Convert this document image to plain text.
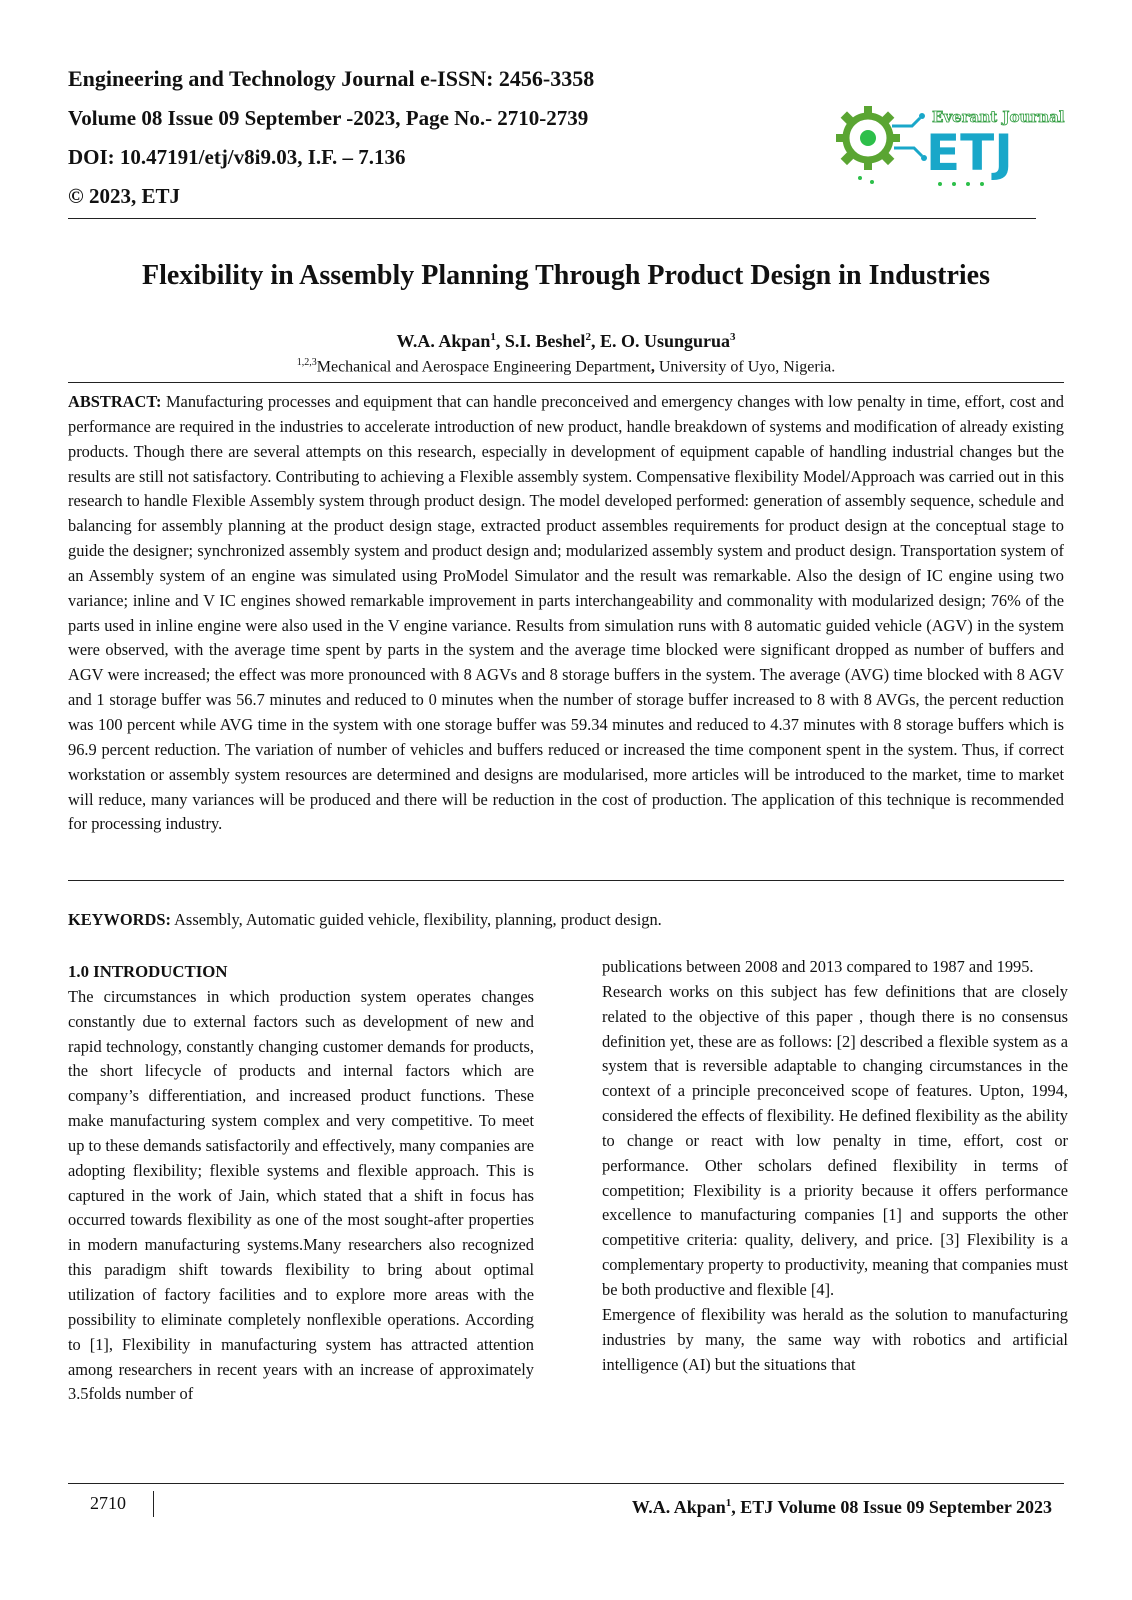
Engineering and Technology Journal e-ISSN: 2456-3358
Volume 08 Issue 09 September -2023, Page No.- 2710-2739
DOI: 10.47191/etj/v8i9.03, I.F. – 7.136
© 2023, ETJ
Everant Journal
ETJ
Flexibility in Assembly Planning Through Product Design in Industries
W.A. Akpan$^1$, S.I. Beshel$^2$, E. O. Usungurua$^3$
$^{1,2,3}$Mechanical and Aerospace Engineering Department, University of Uyo, Nigeria.

ABSTRACT: Manufacturing processes and equipment that can handle preconceived and emergency changes with low penalty in time, effort, cost and performance are required in the industries to accelerate introduction of new product, handle breakdown of systems and modification of already existing products. Though there are several attempts on this research, especially in development of equipment capable of handling industrial changes but the results are still not satisfactory. Contributing to achieving a Flexible assembly system. Compensative flexibility Model/Approach was carried out in this research to handle Flexible Assembly system through product design. The model developed performed: generation of assembly sequence, schedule and balancing for assembly planning at the product design stage, extracted product assembles requirements for product design at the conceptual stage to guide the designer; synchronized assembly system and product design and; modularized assembly system and product design. Transportation system of an Assembly system of an engine was simulated using ProModel Simulator and the result was remarkable. Also the design of IC engine using two variance; inline and V IC engines showed remarkable improvement in parts interchangeability and commonality with modularized design; 76% of the parts used in inline engine were also used in the V engine variance. Results from simulation runs with 8 automatic guided vehicle (AGV) in the system were observed, with the average time spent by parts in the system and the average time blocked were significant dropped as number of buffers and AGV were increased; the effect was more pronounced with 8 AGVs and 8 storage buffers in the system. The average (AVG) time blocked with 8 AGV and 1 storage buffer was 56.7 minutes and reduced to 0 minutes when the number of storage buffer increased to 8 with 8 AVGs, the percent reduction was 100 percent while AVG time in the system with one storage buffer was 59.34 minutes and reduced to 4.37 minutes with 8 storage buffers which is 96.9 percent reduction. The variation of number of vehicles and buffers reduced or increased the time component spent in the system. Thus, if correct workstation or assembly system resources are determined and designs are modularised, more articles will be introduced to the market, time to market will reduce, many variances will be produced and there will be reduction in the cost of production. The application of this technique is recommended for processing industry.

KEYWORDS: Assembly, Automatic guided vehicle, flexibility, planning, product design.

1.0 INTRODUCTION

The circumstances in which production system operates changes constantly due to external factors such as development of new and rapid technology, constantly changing customer demands for products, the short lifecycle of products and internal factors which are company’s differentiation, and increased product functions. These make manufacturing system complex and very competitive. To meet up to these demands satisfactorily and effectively, many companies are adopting flexibility; flexible systems and flexible approach. This is captured in the work of Jain, which stated that a shift in focus has occurred towards flexibility as one of the most sought-after properties in modern manufacturing systems.Many researchers also recognized this paradigm shift towards flexibility to bring about optimal utilization of factory facilities and to explore more areas with the possibility to eliminate completely nonflexible operations. According to [1], Flexibility in manufacturing system has attracted attention among researchers in recent years with an increase of approximately 3.5folds number of

publications between 2008 and 2013 compared to 1987 and 1995.

Research works on this subject has few definitions that are closely related to the objective of this paper , though there is no consensus definition yet, these are as follows: [2] described a flexible system as a system that is reversible adaptable to changing circumstances in the context of a principle preconceived scope of features. Upton, 1994, considered the effects of flexibility. He defined flexibility as the ability to change or react with low penalty in time, effort, cost or performance. Other scholars defined flexibility in terms of competition; Flexibility is a priority because it offers performance excellence to manufacturing companies [1] and supports the other competitive criteria: quality, delivery, and price. [3] Flexibility is a complementary property to productivity, meaning that companies must be both productive and flexible [4].

Emergence of flexibility was herald as the solution to manufacturing industries by many, the same way with robotics and artificial intelligence (AI) but the situations that

2710	W.A. Akpan$^1$, ETJ Volume 08 Issue 09 September 2023
